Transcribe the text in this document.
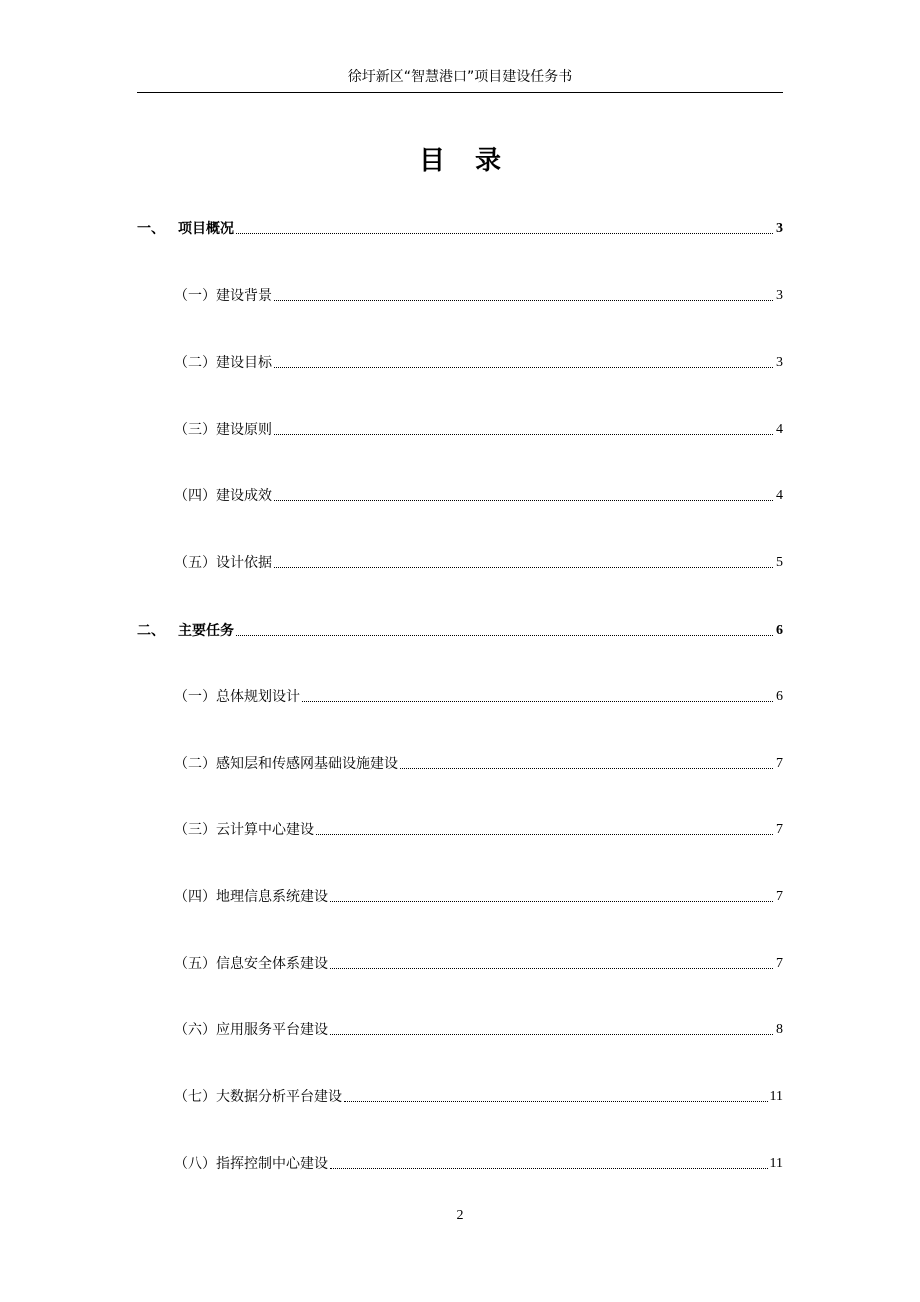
徐圩新区“智慧港口”项目建设任务书
目录
一、 项目概况	3
（一） 建设背景	3
（二） 建设目标	3
（三） 建设原则	4
（四） 建设成效	4
（五） 设计依据	5
二、 主要任务	6
（一） 总体规划设计	6
（二） 感知层和传感网基础设施建设	7
（三） 云计算中心建设	7
（四） 地理信息系统建设	7
（五） 信息安全体系建设	7
（六） 应用服务平台建设	8
（七） 大数据分析平台建设	11
（八） 指挥控制中心建设	11
2
